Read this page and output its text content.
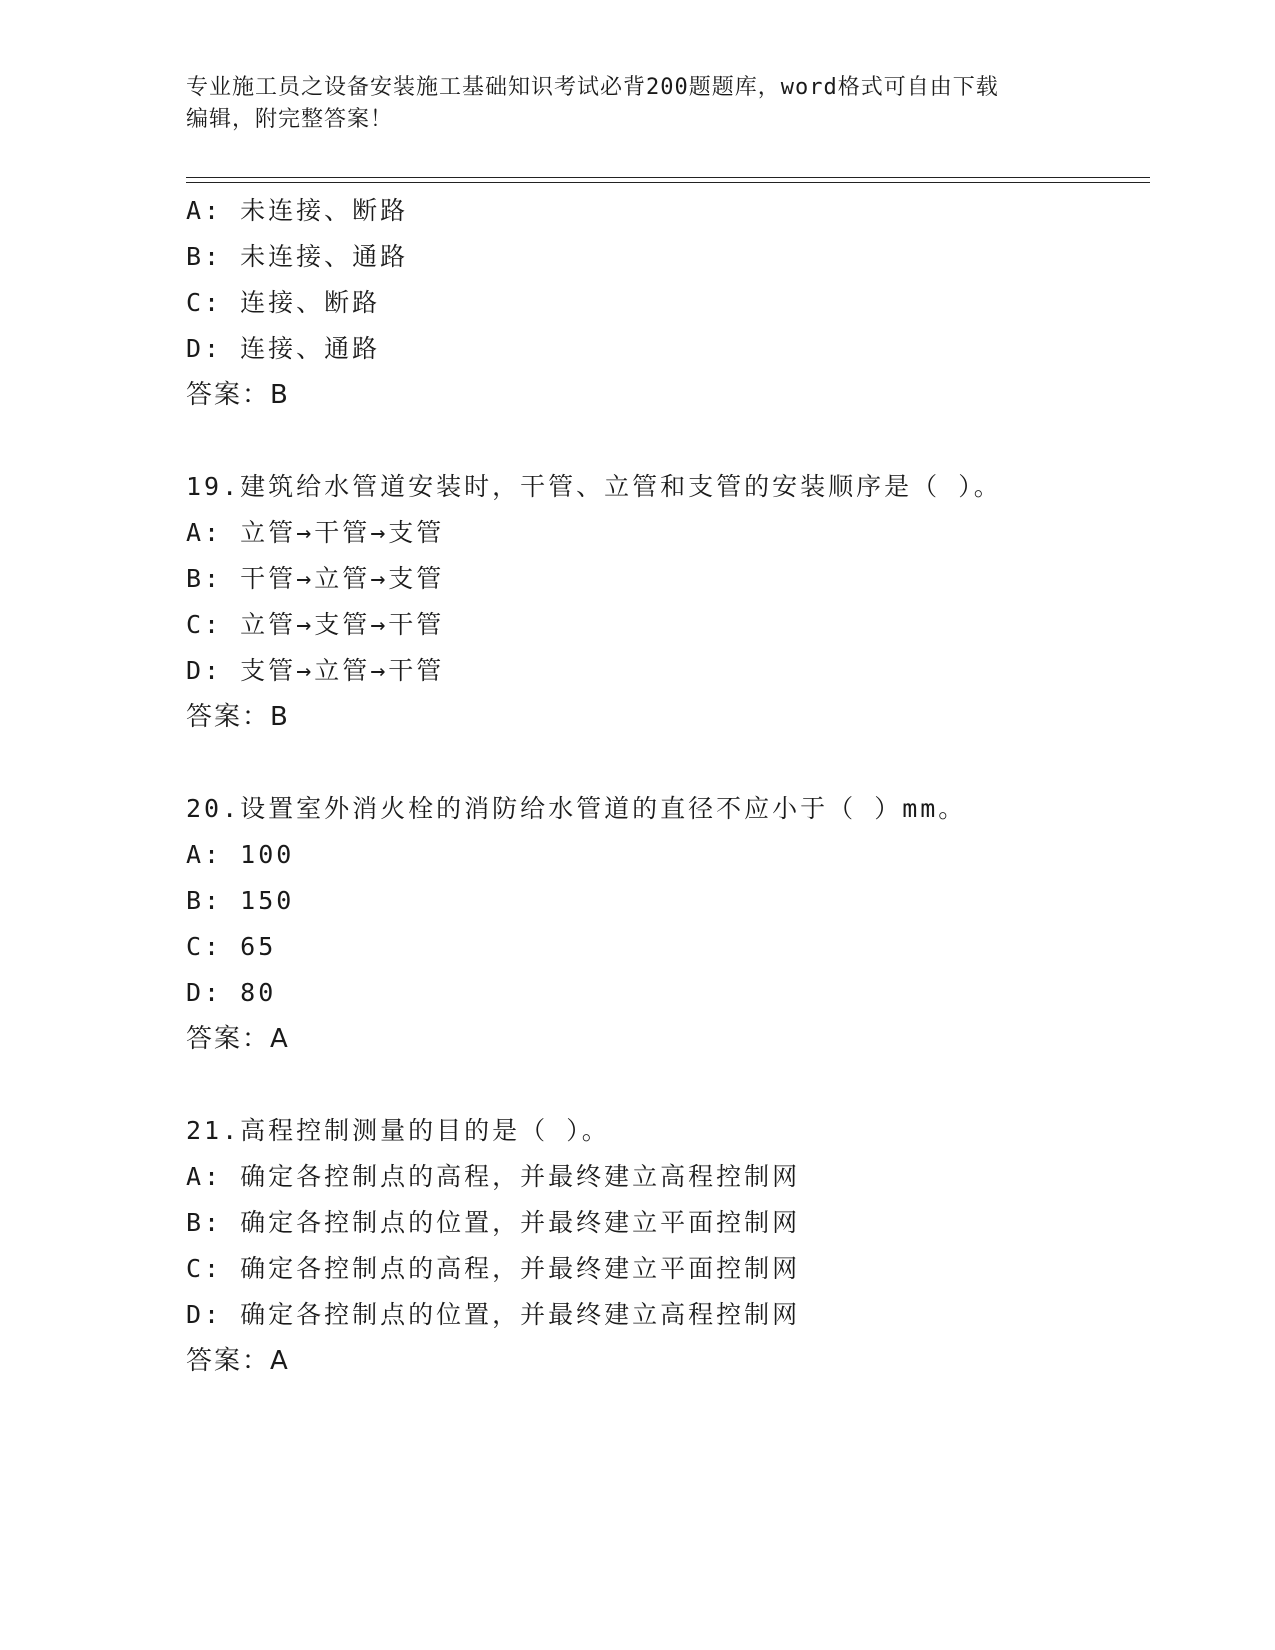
专业施工员之设备安装施工基础知识考试必背200题题库，word格式可自由下载
编辑，附完整答案！
A: 未连接、断路
B: 未连接、通路
C: 连接、断路
D: 连接、通路
答案：B
19.建筑给水管道安装时，干管、立管和支管的安装顺序是（ ）。
A: 立管→干管→支管
B: 干管→立管→支管
C: 立管→支管→干管
D: 支管→立管→干管
答案：B
20.设置室外消火栓的消防给水管道的直径不应小于（ ）mm。
A: 100
B: 150
C: 65
D: 80
答案：A
21.高程控制测量的目的是（ ）。
A: 确定各控制点的高程，并最终建立高程控制网
B: 确定各控制点的位置，并最终建立平面控制网
C: 确定各控制点的高程，并最终建立平面控制网
D: 确定各控制点的位置，并最终建立高程控制网
答案：A
